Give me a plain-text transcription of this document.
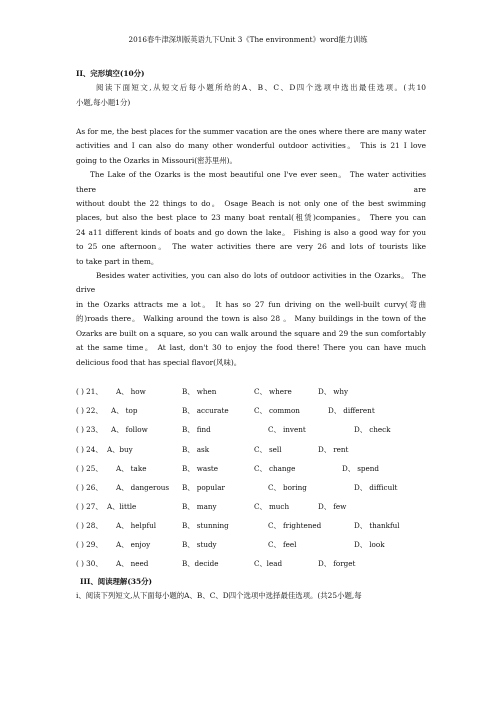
2016春牛津深圳版英语九下Unit 3《The environment》word能力训练

II、完形填空(10分)

阅读下面短文,从短文后每小题所给的A、B、C、D四个选项中选出最佳选项。(共10

小题,每小题1分)

As for me, the best places for the summer vacation are the ones where there are many water

activities and I can also do many other wonderful outdoor activities。 This is 21 I love

going to the Ozarks in Missouri(密苏里州)。

The Lake of the Ozarks is the most beautiful one I've ever seen。 The water activities there are

without doubt the 22 things to do。 Osage Beach is not only one of the best swimming

places, but also the best place to 23 many boat rental(租赁)companies。 There you can

24 a11 different kinds of boats and go down the lake。 Fishing is also a good way for you

to 25 one afternoon。 The water activities there are very 26 and lots of tourists like

to take part in them。

Besides water activities, you can also do lots of outdoor activities in the Ozarks。 The drive

in the Ozarks attracts me a lot。 It has so 27 fun driving on the well-built curvy(弯曲

的)roads there。 Walking around the town is also 28 。 Many buildings in the town of the

Ozarks are built on a square, so you can walk around the square and 29 the sun comfortably

at the same time。 At last, don't 30 to enjoy the food there! There you can have much

delicious food that has special flavor(风味)。

( ) 21、 A、 how	B、 when	C、 where	D、 why
( ) 22、 A、 top	B、 accurate	C、 common	D、 different
( ) 23、 A、 follow	B、 find	C、 invent	D、 check
( ) 24、 A、buy	B、 ask	C、 sell	D、 rent
( ) 25、 A、 take	B、 waste	C、 change	D、 spend
( ) 26、 A、 dangerous B、 popular	C、 boring	D、 difficult
( ) 27、 A、little	B、 many	C、 much	D、 few
( ) 28、 A、 helpful	B、 stunning	C、 frightened	D、 thankful
( ) 29、 A、 enjoy	B、 study	C、 feel	D、 look
( ) 30、 A、 need	B、decide	C、lead	D、 forget

III、阅读理解(35分)

i、阅读下列短文,从下面每小题的A、B、C、D四个选项中选择最佳选项。(共25小题,每
